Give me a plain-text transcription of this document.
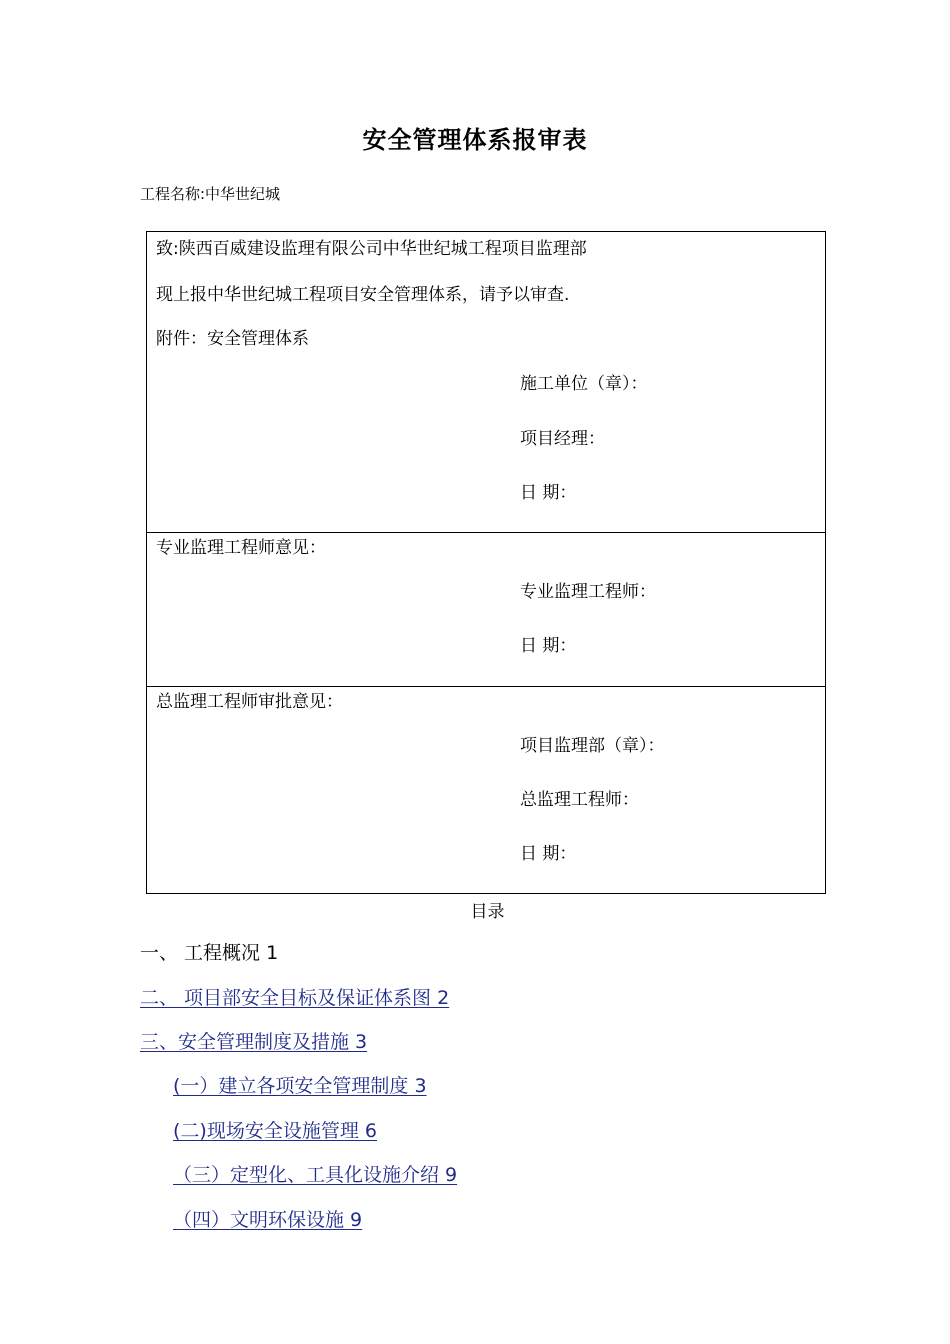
安全管理体系报审表
工程名称:中华世纪城
致:陕西百威建设监理有限公司中华世纪城工程项目监理部
现上报中华世纪城工程项目安全管理体系，请予以审查.
附件：安全管理体系
施工单位（章）：
项目经理：
日 期：
专业监理工程师意见：
专业监理工程师：
日 期：
总监理工程师审批意见：
项目监理部（章）：
总监理工程师：
日 期：
目录
一、 工程概况 1
二、 项目部安全目标及保证体系图 2
三、安全管理制度及措施 3
(一）建立各项安全管理制度 3
(二)现场安全设施管理 6
（三）定型化、工具化设施介绍 9
（四）文明环保设施 9
